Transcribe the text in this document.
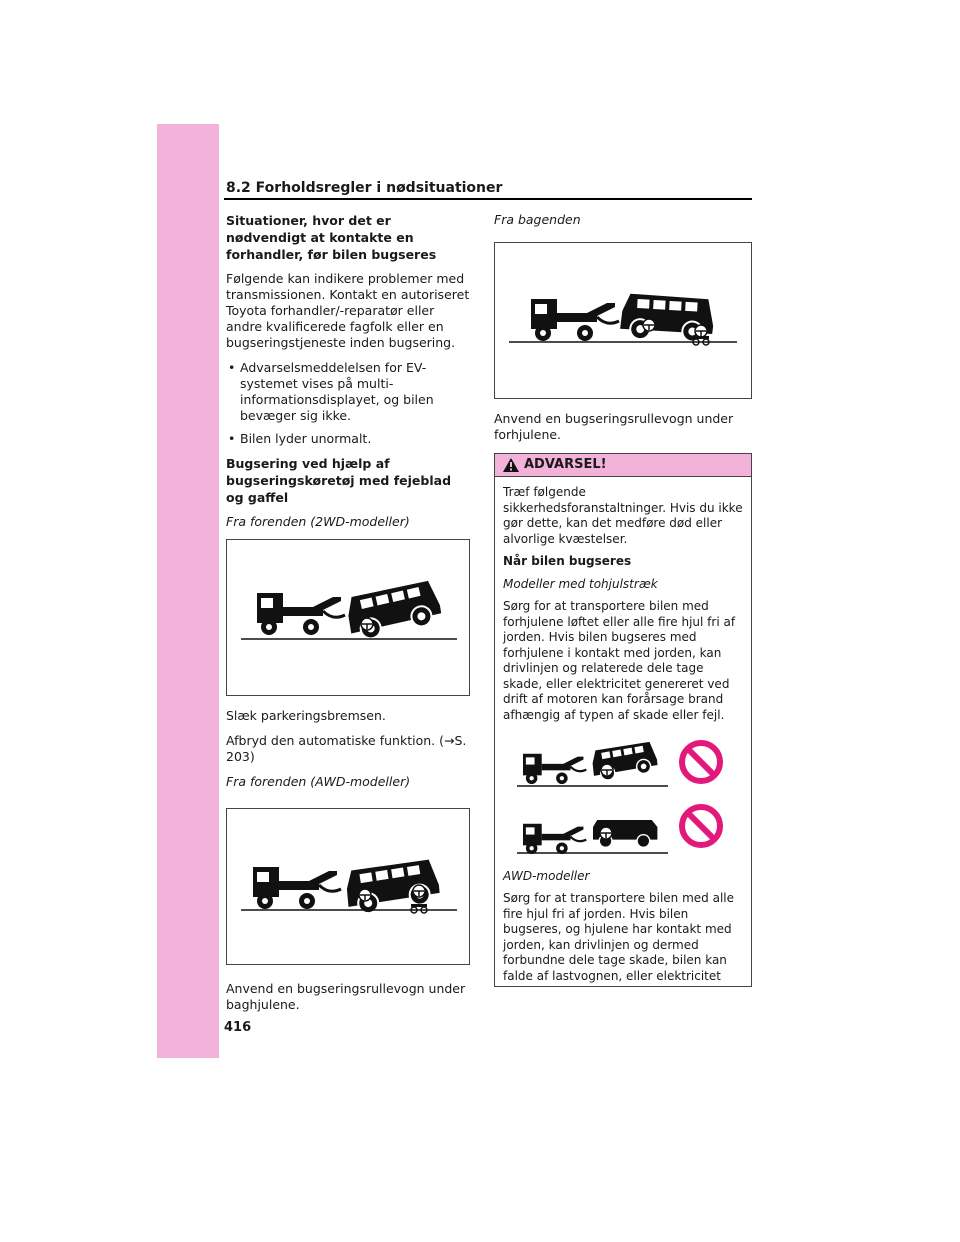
8.2 Forholdsregler i nødsituationer
Situationer, hvor det er nødvendigt at kontakte en forhandler, før bilen bugseres

Følgende kan indikere problemer med transmissionen. Kontakt en autoriseret Toyota forhandler/-reparatør eller andre kvalificerede fagfolk eller en bugseringstjeneste inden bugsering.

• Advarselsmeddelelsen for EV-systemet vises på multi-informationsdisplayet, og bilen bevæger sig ikke.
• Bilen lyder unormalt.
Bugsering ved hjælp af bugseringskøretøj med fejeblad og gaffel

Fra forenden (2WD-modeller)

Slæk parkeringsbremsen.

Afbryd den automatiske funktion. (→S. 203)

Fra forenden (AWD-modeller)

Anvend en bugseringsrullevogn under baghjulene.

Fra bagenden

Anvend en bugseringsrullevogn under forhjulene.

ADVARSEL!

Træf følgende sikkerhedsforanstaltninger. Hvis du ikke gør dette, kan det medføre død eller alvorlige kvæstelser.

Når bilen bugseres

Modeller med tohjulstræk

Sørg for at transportere bilen med forhjulene løftet eller alle fire hjul fri af jorden. Hvis bilen bugseres med forhjulene i kontakt med jorden, kan drivlinjen og relaterede dele tage skade, eller elektricitet genereret ved drift af motoren kan forårsage brand afhængig af typen af skade eller fejl.

AWD-modeller

Sørg for at transportere bilen med alle fire hjul fri af jorden. Hvis bilen bugseres, og hjulene har kontakt med jorden, kan drivlinjen og dermed forbundne dele tage skade, bilen kan falde af lastvognen, eller elektricitet

416
